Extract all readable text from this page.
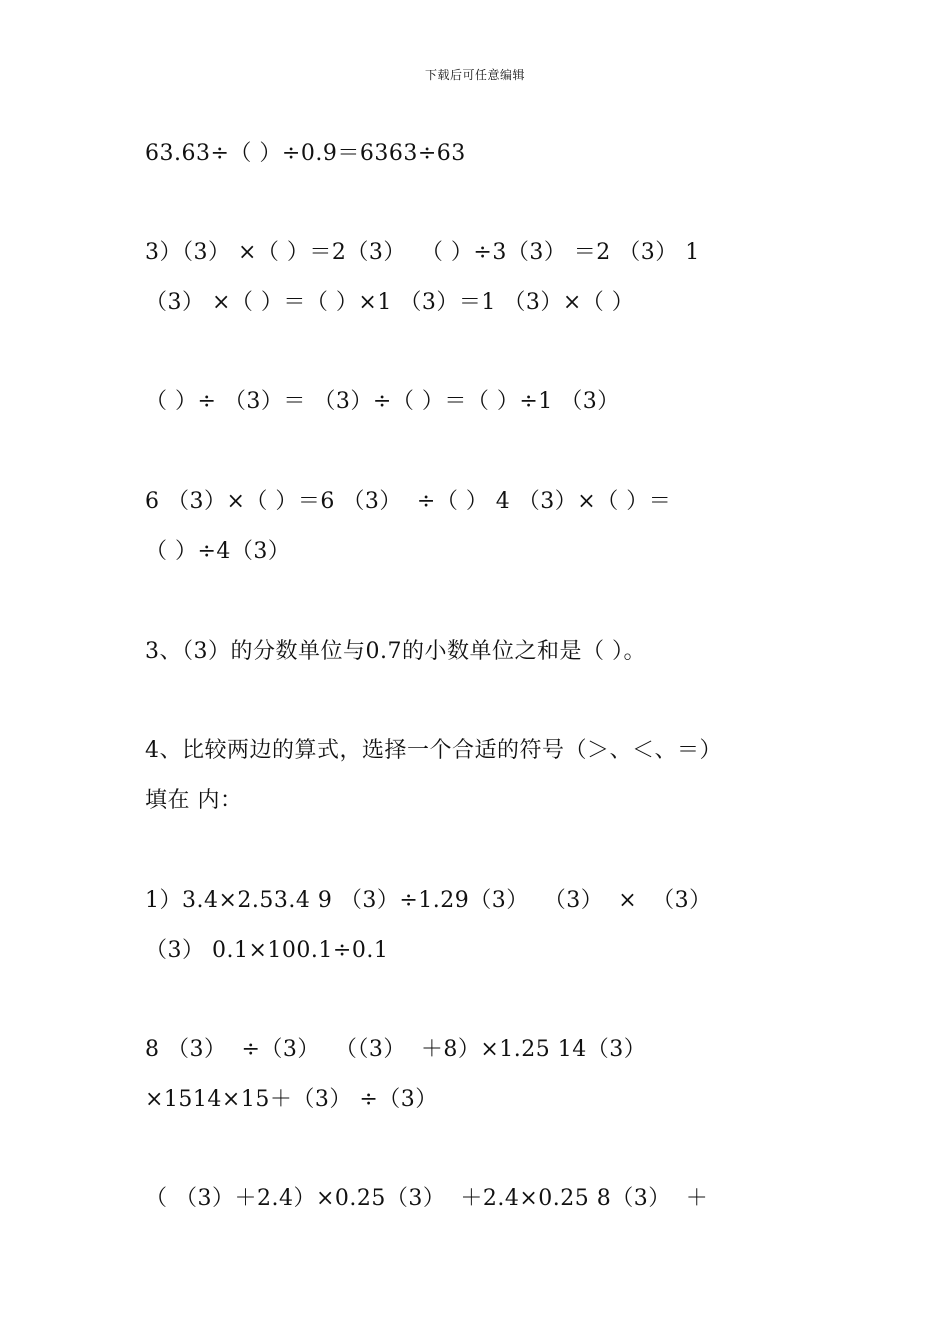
下载后可任意编辑
63.63÷（ ）÷0.9＝6363÷63
3）（3） ×（ ）＝2（3）  （ ）÷3（3） ＝2 （3） 1
（3） ×（ ）＝（ ）×1 （3）＝1 （3）×（ ）
（ ）÷ （3）＝ （3）÷（ ）＝（ ）÷1 （3）
6 （3）×（ ）＝6 （3）  ÷（ ） 4 （3）×（ ）＝
（ ）÷4（3）
3、（3）的分数单位与0.7的小数单位之和是（ ）。
4、比较两边的算式，选择一个合适的符号（＞、＜、＝）
填在 内：
1）3.4×2.53.4 9 （3）÷1.29（3）  （3）  ×  （3）
（3） 0.1×100.1÷0.1
8 （3）  ÷（3）  （（3）  ＋8）×1.25 14（3）
×1514×15＋（3） ÷（3）
（ （3）＋2.4）×0.25（3）  ＋2.4×0.25 8（3）  ＋
